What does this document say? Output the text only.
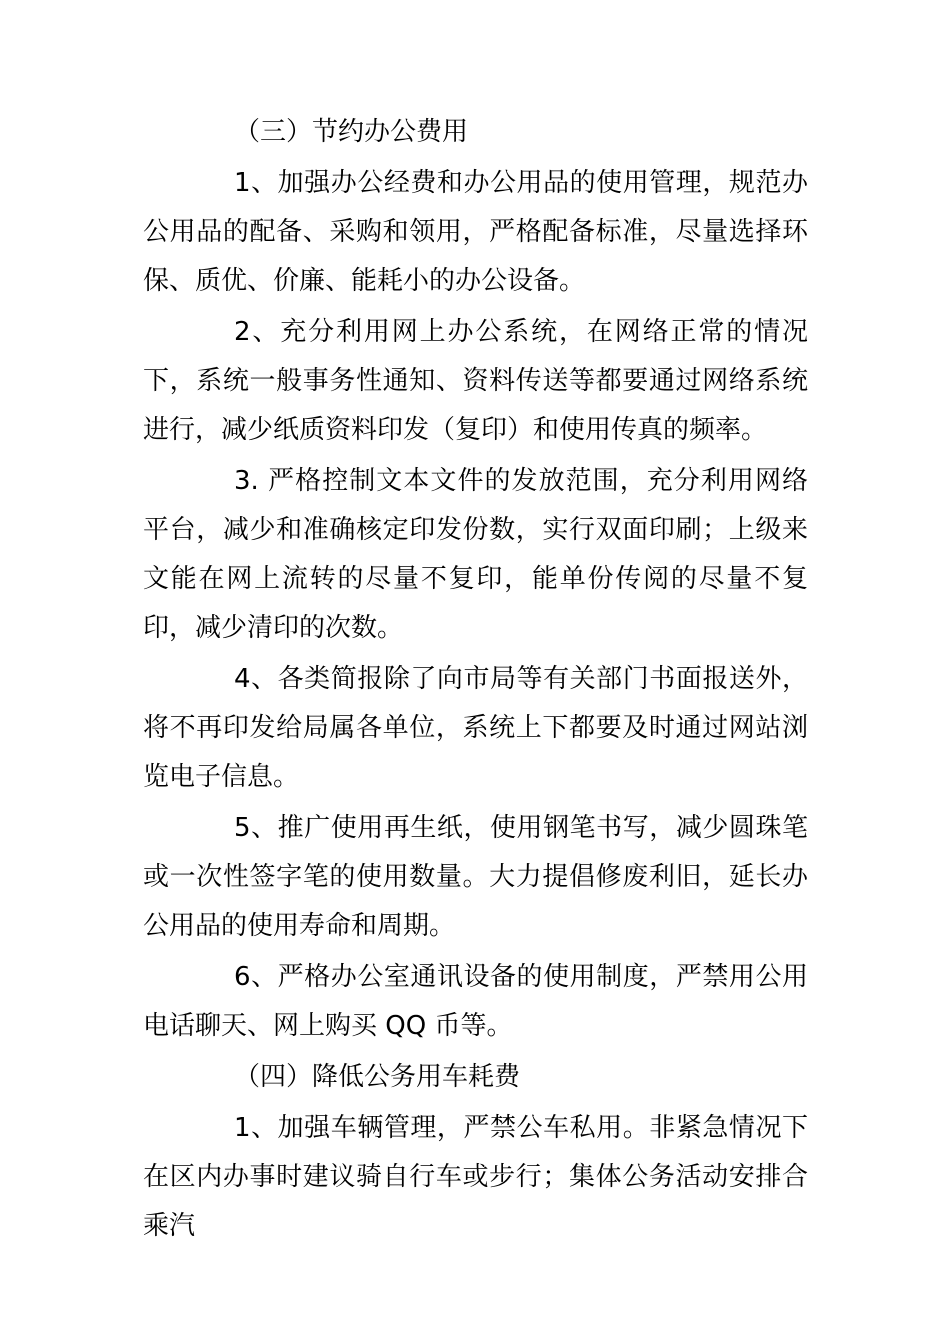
（三）节约办公费用

1、加强办公经费和办公用品的使用管理，规范办公用品的配备、采购和领用，严格配备标准，尽量选择环保、质优、价廉、能耗小的办公设备。

2、充分利用网上办公系统，在网络正常的情况下，系统一般事务性通知、资料传送等都要通过网络系统进行，减少纸质资料印发（复印）和使用传真的频率。

3. 严格控制文本文件的发放范围，充分利用网络平台，减少和准确核定印发份数，实行双面印刷；上级来文能在网上流转的尽量不复印，能单份传阅的尽量不复印，减少清印的次数。

4、各类简报除了向市局等有关部门书面报送外，将不再印发给局属各单位，系统上下都要及时通过网站浏览电子信息。

5、推广使用再生纸，使用钢笔书写，减少圆珠笔或一次性签字笔的使用数量。大力提倡修废利旧，延长办公用品的使用寿命和周期。

6、严格办公室通讯设备的使用制度，严禁用公用电话聊天、网上购买 QQ 币等。

（四）降低公务用车耗费

1、加强车辆管理，严禁公车私用。非紧急情况下在区内办事时建议骑自行车或步行；集体公务活动安排合乘汽
